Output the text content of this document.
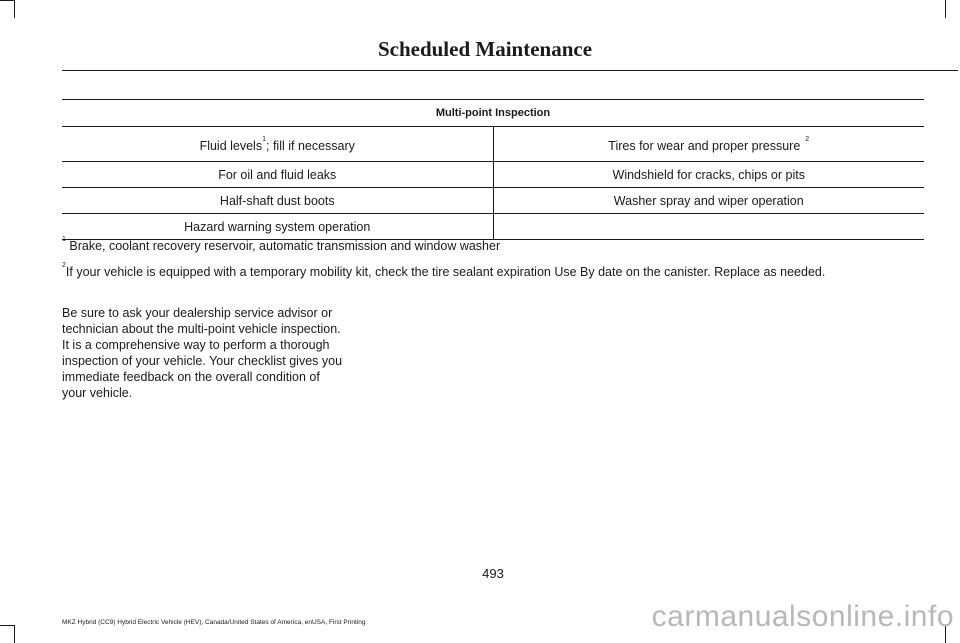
Scheduled Maintenance
Multi-point Inspection	
Fluid levels$^1$; fill if necessary	Tires for wear and proper pressure $^2$
For oil and fluid leaks	Windshield for cracks, chips or pits
Half-shaft dust boots	Washer spray and wiper operation
Hazard warning system operation	
$^1$ Brake, coolant recovery reservoir, automatic transmission and window washer
$^2$If your vehicle is equipped with a temporary mobility kit, check the tire sealant expiration Use By date on the canister. Replace as needed.
Be sure to ask your dealership service advisor or technician about the multi-point vehicle inspection. It is a comprehensive way to perform a thorough inspection of your vehicle. Your checklist gives you immediate feedback on the overall condition of your vehicle.
493
MKZ Hybrid (CC9) Hybrid Electric Vehicle (HEV), Canada/United States of America, enUSA, First Printing	carmanualsonline.info
